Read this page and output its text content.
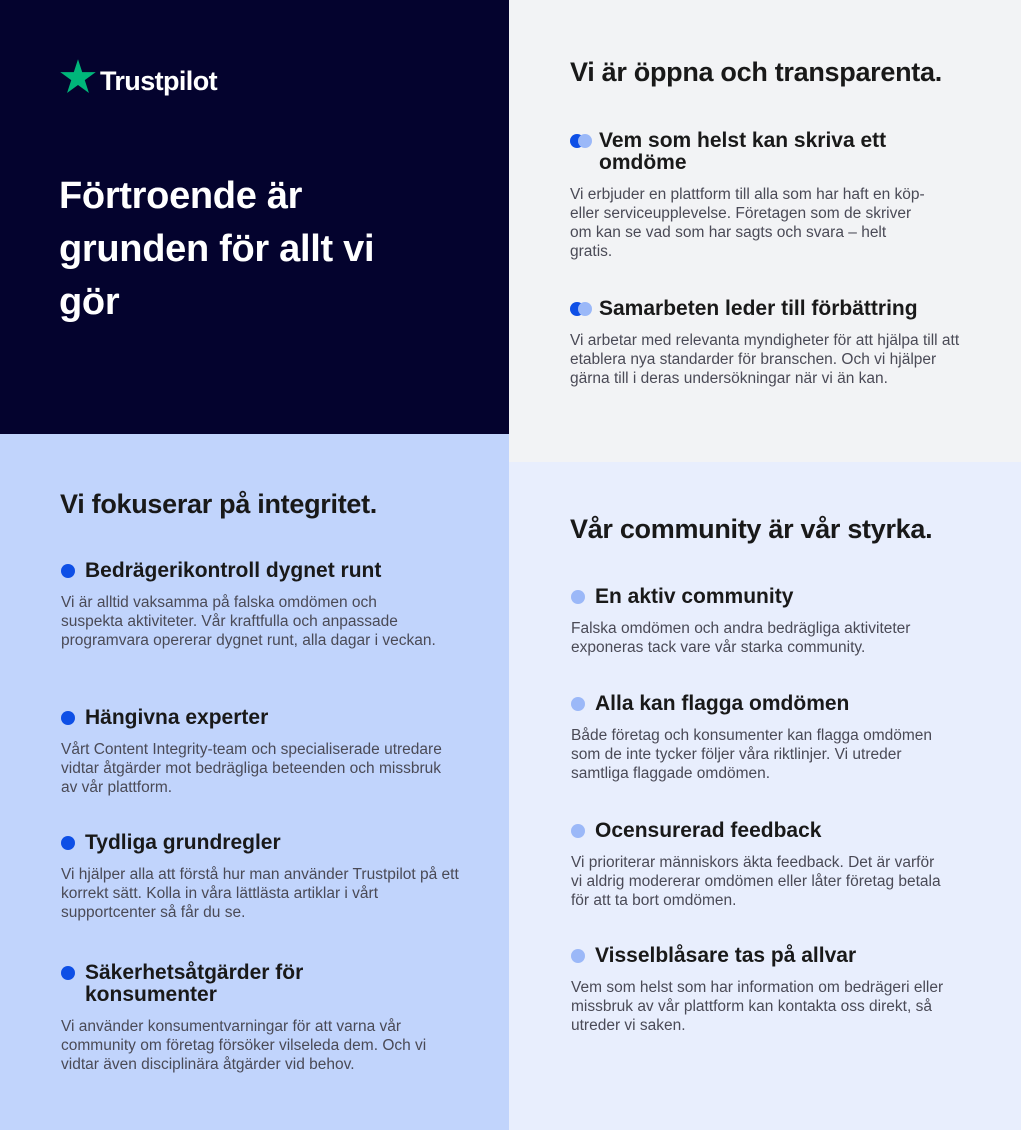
Trustpilot
Förtroende är grunden för allt vi gör
Vi är öppna och transparenta.
Vem som helst kan skriva ett omdöme

Vi erbjuder en plattform till alla som har haft en köp- eller serviceupplevelse. Företagen som de skriver om kan se vad som har sagts och svara – helt gratis.

Samarbeten leder till förbättring

Vi arbetar med relevanta myndigheter för att hjälpa till att etablera nya standarder för branschen. Och vi hjälper gärna till i deras undersökningar när vi än kan.

Vi fokuserar på integritet.
Bedrägerikontroll dygnet runt

Vi är alltid vaksamma på falska omdömen och suspekta aktiviteter. Vår kraftfulla och anpassade programvara opererar dygnet runt, alla dagar i veckan.

Hängivna experter

Vårt Content Integrity-team och specialiserade utredare vidtar åtgärder mot bedrägliga beteenden och missbruk av vår plattform.

Tydliga grundregler

Vi hjälper alla att förstå hur man använder Trustpilot på ett korrekt sätt. Kolla in våra lättlästa artiklar i vårt supportcenter så får du se.

Säkerhetsåtgärder för konsumenter

Vi använder konsumentvarningar för att varna vår community om företag försöker vilseleda dem. Och vi vidtar även disciplinära åtgärder vid behov.

Vår community är vår styrka.
En aktiv community

Falska omdömen och andra bedrägliga aktiviteter exponeras tack vare vår starka community.

Alla kan flagga omdömen

Både företag och konsumenter kan flagga omdömen som de inte tycker följer våra riktlinjer. Vi utreder samtliga flaggade omdömen.

Ocensurerad feedback

Vi prioriterar människors äkta feedback. Det är varför vi aldrig modererar omdömen eller låter företag betala för att ta bort omdömen.

Visselblåsare tas på allvar

Vem som helst som har information om bedrägeri eller missbruk av vår plattform kan kontakta oss direkt, så utreder vi saken.
